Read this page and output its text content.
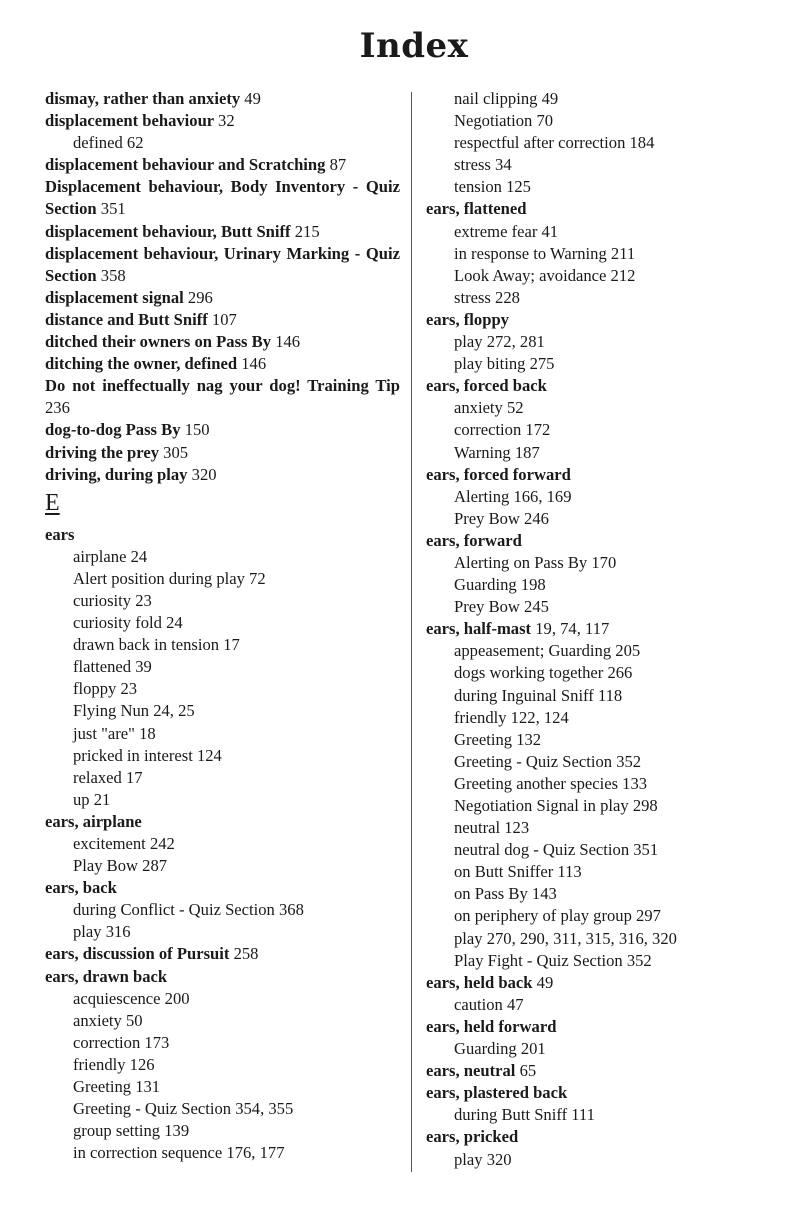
Index
dismay, rather than anxiety 49
displacement behaviour 32
defined 62
displacement behaviour and Scratching 87
Displacement behaviour, Body Inventory - Quiz Section 351
displacement behaviour, Butt Sniff 215
displacement behaviour, Urinary Marking - Quiz Section 358
displacement signal 296
distance and Butt Sniff 107
ditched their owners on Pass By 146
ditching the owner, defined 146
Do not ineffectually nag your dog! Training Tip 236
dog-to-dog Pass By 150
driving the prey 305
driving, during play 320
E
ears
airplane 24
Alert position during play 72
curiosity 23
curiosity fold 24
drawn back in tension 17
flattened 39
floppy 23
Flying Nun 24, 25
just "are" 18
pricked in interest 124
relaxed 17
up 21
ears, airplane
excitement 242
Play Bow 287
ears, back
during Conflict - Quiz Section 368
play 316
ears, discussion of Pursuit 258
ears, drawn back
acquiescence 200
anxiety 50
correction 173
friendly 126
Greeting 131
Greeting - Quiz Section 354, 355
group setting 139
in correction sequence 176, 177
nail clipping 49
Negotiation 70
respectful after correction 184
stress 34
tension 125
ears, flattened
extreme fear 41
in response to Warning 211
Look Away; avoidance 212
stress 228
ears, floppy
play 272, 281
play biting 275
ears, forced back
anxiety 52
correction 172
Warning 187
ears, forced forward
Alerting 166, 169
Prey Bow 246
ears, forward
Alerting on Pass By 170
Guarding 198
Prey Bow 245
ears, half-mast 19, 74, 117
appeasement; Guarding 205
dogs working together 266
during Inguinal Sniff 118
friendly 122, 124
Greeting 132
Greeting - Quiz Section 352
Greeting another species 133
Negotiation Signal in play 298
neutral 123
neutral dog - Quiz Section 351
on Butt Sniffer 113
on Pass By 143
on periphery of play group 297
play 270, 290, 311, 315, 316, 320
Play Fight - Quiz Section 352
ears, held back 49
caution 47
ears, held forward
Guarding 201
ears, neutral 65
ears, plastered back
during Butt Sniff 111
ears, pricked
play 320
